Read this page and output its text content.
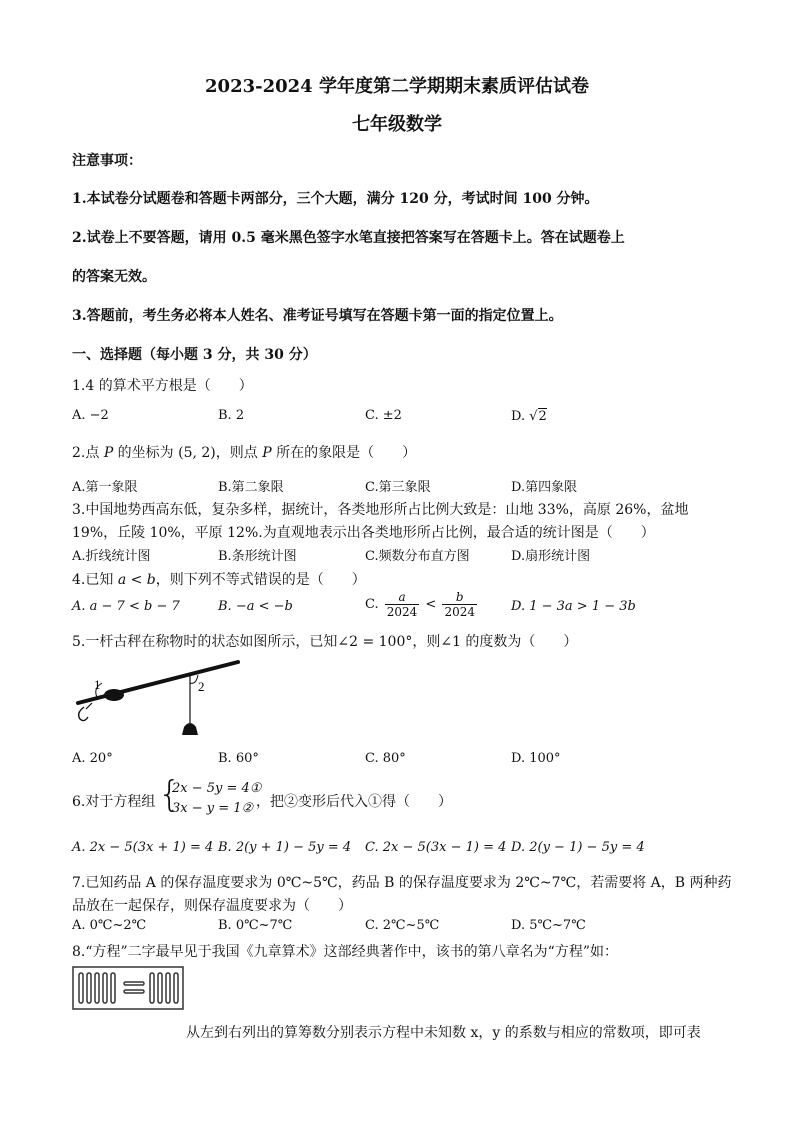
2023-2024 学年度第二学期期末素质评估试卷
七年级数学
注意事项：
1.本试卷分试题卷和答题卡两部分，三个大题，满分 120 分，考试时间 100 分钟。
2.试卷上不要答题，请用 0.5 毫米黑色签字水笔直接把答案写在答题卡上。答在试题卷上
的答案无效。
3.答题前，考生务必将本人姓名、准考证号填写在答题卡第一面的指定位置上。
一、选择题（每小题 3 分，共 30 分）
1.4 的算术平方根是（　　）
A. −2	B. 2	C. ±2	D. √2
2.点 P 的坐标为 (5, 2)，则点 P 所在的象限是（　　）
A.第一象限	B.第二象限	C.第三象限	D.第四象限
3.中国地势西高东低，复杂多样，据统计，各类地形所占比例大致是：山地 33%，高原 26%，盆地
19%，丘陵 10%，平原 12%.为直观地表示出各类地形所占比例，最合适的统计图是（　　）
A.折线统计图	B.条形统计图	C.频数分布直方图	D.扇形统计图
4.已知 a < b，则下列不等式错误的是（　　）
A. a − 7 < b − 7	B. −a < −b	C. $\frac{a}{2024} < \frac{b}{2024}$	D. 1 − 3a > 1 − 3b
5.一杆古秤在称物时的状态如图所示，已知∠2 = 100°，则∠1 的度数为（　　）
1	2
A. 20°	B. 60°	C. 80°	D. 100°
6.对于方程组 {
2x − 5y = 4①
3x − y = 1② ，把②变形后代入①得（　　）
A. 2x − 5(3x + 1) = 4 B. 2(y + 1) − 5y = 4 C. 2x − 5(3x − 1) = 4 D. 2(y − 1) − 5y = 4
7.已知药品 A 的保存温度要求为 0℃~5℃，药品 B 的保存温度要求为 2℃~7℃，若需要将 A，B 两种药
品放在一起保存，则保存温度要求为（　　）
A. 0℃~2℃	B. 0℃~7℃	C. 2℃~5℃	D. 5℃~7℃
8.“方程”二字最早见于我国《九章算术》这部经典著作中，该书的第八章名为“方程”如：
从左到右列出的算筹数分别表示方程中未知数 x，y 的系数与相应的常数项，即可表
